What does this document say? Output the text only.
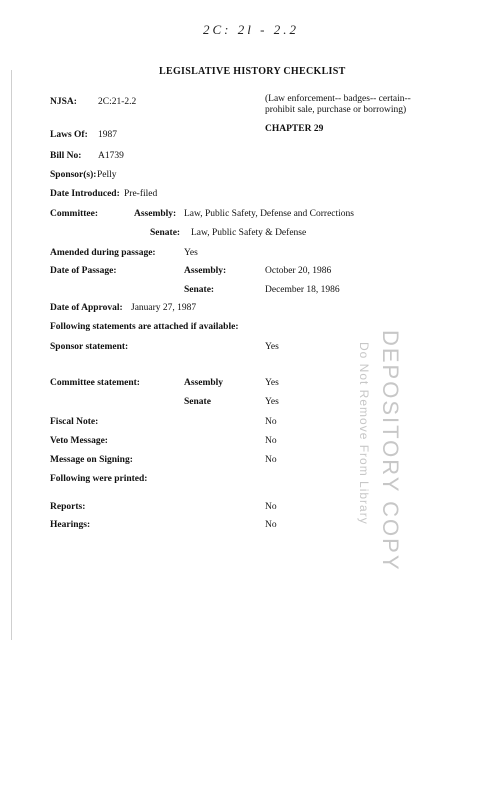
2C: 2l - 2.2
LEGISLATIVE HISTORY CHECKLIST
NJSA: 2C:21-2.2	(Law enforcement-- badges-- certain--
prohibit sale, purchase or borrowing)
CHAPTER 29
Laws Of: 1987
Bill No: A1739
Sponsor(s): Pelly
Date Introduced: Pre-filed
Committee:	Assembly: Law, Public Safety, Defense and Corrections
Senate: Law, Public Safety & Defense
Amended during passage:	Yes
Date of Passage:	Assembly:	October 20, 1986
Senate:	December 18, 1986
Date of Approval: January 27, 1987
Following statements are attached if available:
Sponsor statement:	Yes
Committee statement:	Assembly	Yes
Senate	Yes
Fiscal Note:	No
Veto Message:	No
Message on Signing:	No
Following were printed:
Reports:	No
Hearings:	No	DEPOSITORY COPY
Do Not Remove From Library
